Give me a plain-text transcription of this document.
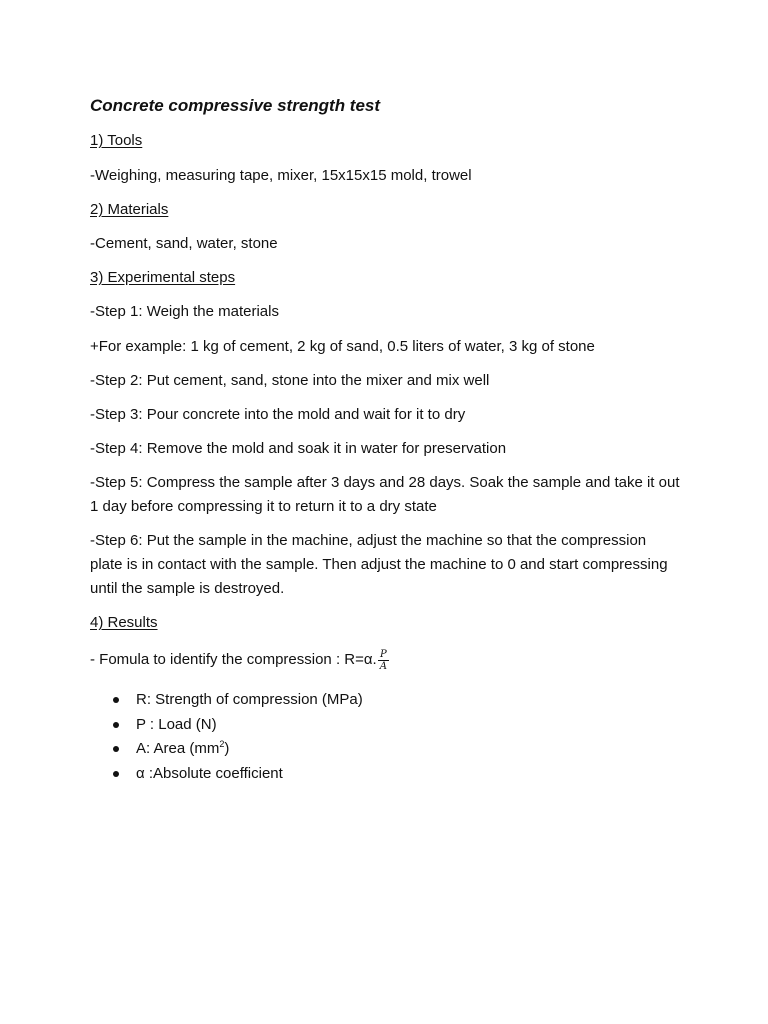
Concrete compressive strength test

1) Tools

-Weighing, measuring tape, mixer, 15x15x15 mold, trowel

2) Materials

-Cement, sand, water, stone

3) Experimental steps

-Step 1: Weigh the materials

+For example: 1 kg of cement, 2 kg of sand, 0.5 liters of water, 3 kg of stone

-Step 2: Put cement, sand, stone into the mixer and mix well

-Step 3: Pour concrete into the mold and wait for it to dry

-Step 4: Remove the mold and soak it in water for preservation

-Step 5: Compress the sample after 3 days and 28 days. Soak the sample and take it out 1 day before compressing it to return it to a dry state

-Step 6: Put the sample in the machine, adjust the machine so that the compression plate is in contact with the sample. Then adjust the machine to 0 and start compressing until the sample is destroyed.

4) Results

- Fomula to identify the compression : R=α. $\frac{P}{A}$

R: Strength of compression (MPa)
P : Load (N)
A: Area $(mm^2)$
α :Absolute coefficient
